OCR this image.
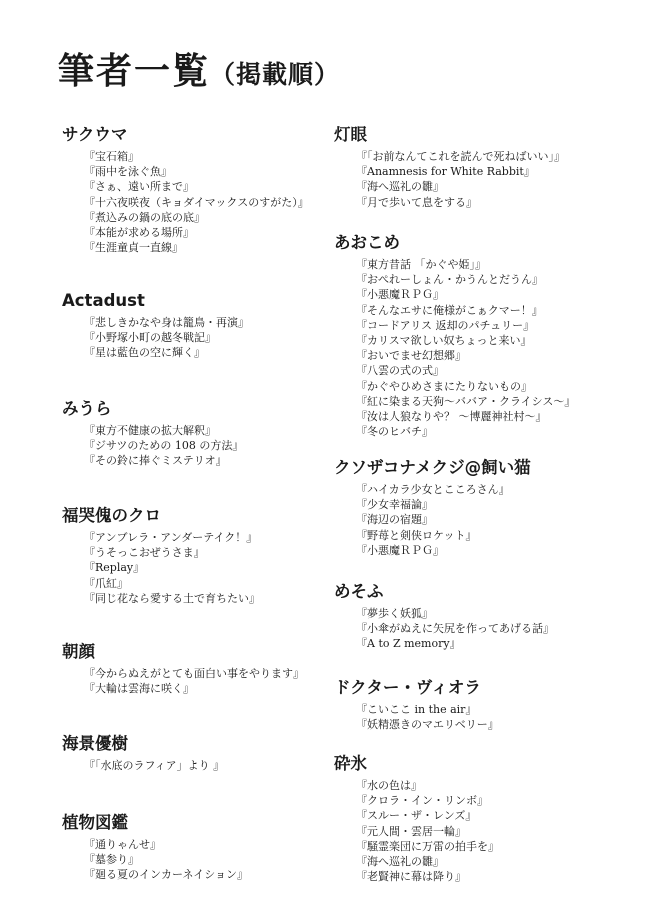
筆者一覧（掲載順）
サクウマ
『宝石箱』
『雨中を泳ぐ魚』
『さぁ、遠い所まで』
『十六夜咲夜（キョダイマックスのすがた）』
『煮込みの鍋の底の底』
『本能が求める場所』
『生涯童貞一直線』
Actadust
『悲しきかなや身は籠鳥・再演』
『小野塚小町の越冬戦記』
『星は藍色の空に輝く』
みうら
『東方不健康の拡大解釈』
『ジサツのための 108 の方法』
『その鈴に捧ぐミステリオ』
福哭傀のクロ
『アンブレラ・アンダーテイク！』
『うそっこおぜうさま』
『Replay』
『爪紅』
『同じ花なら愛する土で育ちたい』
朝顔
『今からぬえがとても面白い事をやります』
『大輪は雲海に咲く』
海景優樹
『「水底のラフィア」より 』
植物図鑑
『通りゃんせ』
『墓参り』
『廻る夏のインカーネイション』
灯眼
『「お前なんてこれを読んで死ねばいい」』
『Anamnesis for White Rabbit』
『海へ巡礼の雛』
『月で歩いて息をする』
あおこめ
『東方昔話 「かぐや姫」』
『おぺれーしょん・かうんとだうん』
『小悪魔ＲＰＧ』
『そんなエサに俺様がこぁクマー！』
『コードアリス 返却のパチュリー』
『カリスマ欲しい奴ちょっと来い』
『おいでませ幻想郷』
『八雲の式の式』
『かぐやひめさまにたりないもの』
『紅に染まる天狗～ババア・クライシス～』
『汝は人狼なりや？ ～博麗神社村～』
『冬のヒバチ』
クソザコナメクジ@飼い猫
『ハイカラ少女とこころさん』
『少女幸福論』
『海辺の宿題』
『野苺と剣侠ロケット』
『小悪魔ＲＰＧ』
めそふ
『夢歩く妖狐』
『小傘がぬえに矢尻を作ってあげる話』
『A to Z memory』
ドクター・ヴィオラ
『こいここ in the air』
『妖精憑きのマエリベリー』
砕氷
『水の色は』
『クロラ・イン・リンボ』
『スルー・ザ・レンズ』
『元人間・雲居一輪』
『騒霊楽団に万雷の拍手を』
『海へ巡礼の雛』
『老賢神に幕は降り』
